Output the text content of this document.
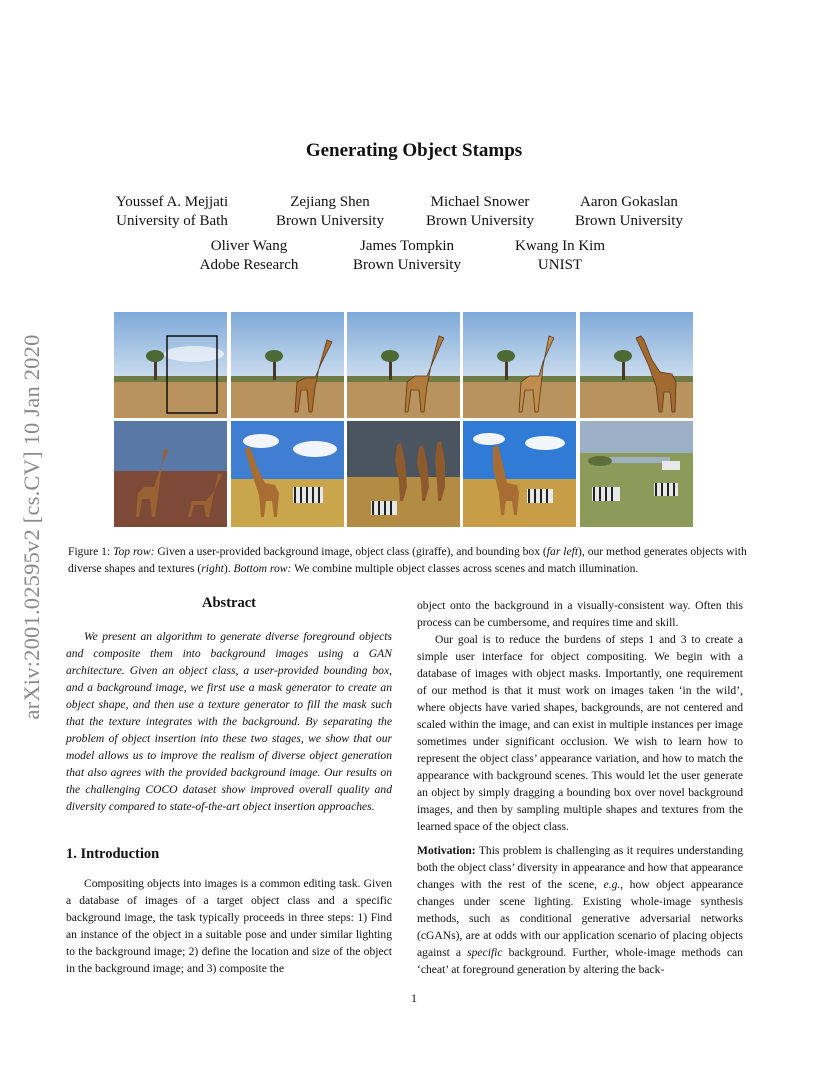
arXiv:2001.02595v2 [cs.CV] 10 Jan 2020
Generating Object Stamps
Youssef A. Mejjati
University of Bath
Zejiang Shen
Brown University
Michael Snower
Brown University
Aaron Gokaslan
Brown University
Oliver Wang
Adobe Research
James Tompkin
Brown University
Kwang In Kim
UNIST
Figure 1: Top row: Given a user-provided background image, object class (giraffe), and bounding box (far left), our method generates objects with diverse shapes and textures (right). Bottom row: We combine multiple object classes across scenes and match illumination.
Abstract
We present an algorithm to generate diverse foreground objects and composite them into background images using a GAN architecture. Given an object class, a user-provided bounding box, and a background image, we first use a mask generator to create an object shape, and then use a texture generator to fill the mask such that the texture integrates with the background. By separating the problem of object insertion into these two stages, we show that our model allows us to improve the realism of diverse object generation that also agrees with the provided background image. Our results on the challenging COCO dataset show improved overall quality and diversity compared to state-of-the-art object insertion approaches.
1. Introduction
Compositing objects into images is a common editing task. Given a database of images of a target object class and a specific background image, the task typically proceeds in three steps: 1) Find an instance of the object in a suitable pose and under similar lighting to the background image; 2) define the location and size of the object in the background image; and 3) composite the
object onto the background in a visually-consistent way. Often this process can be cumbersome, and requires time and skill.
Our goal is to reduce the burdens of steps 1 and 3 to create a simple user interface for object compositing. We begin with a database of images with object masks. Importantly, one requirement of our method is that it must work on images taken ‘in the wild’, where objects have varied shapes, backgrounds, are not centered and scaled within the image, and can exist in multiple instances per image sometimes under significant occlusion. We wish to learn how to represent the object class’ appearance variation, and how to match the appearance with background scenes. This would let the user generate an object by simply dragging a bounding box over novel background images, and then by sampling multiple shapes and textures from the learned space of the object class.
Motivation: This problem is challenging as it requires understanding both the object class’ diversity in appearance and how that appearance changes with the rest of the scene, e.g., how object appearance changes under scene lighting. Existing whole-image synthesis methods, such as conditional generative adversarial networks (cGANs), are at odds with our application scenario of placing objects against a specific background. Further, whole-image methods can ‘cheat’ at foreground generation by altering the back-
1
